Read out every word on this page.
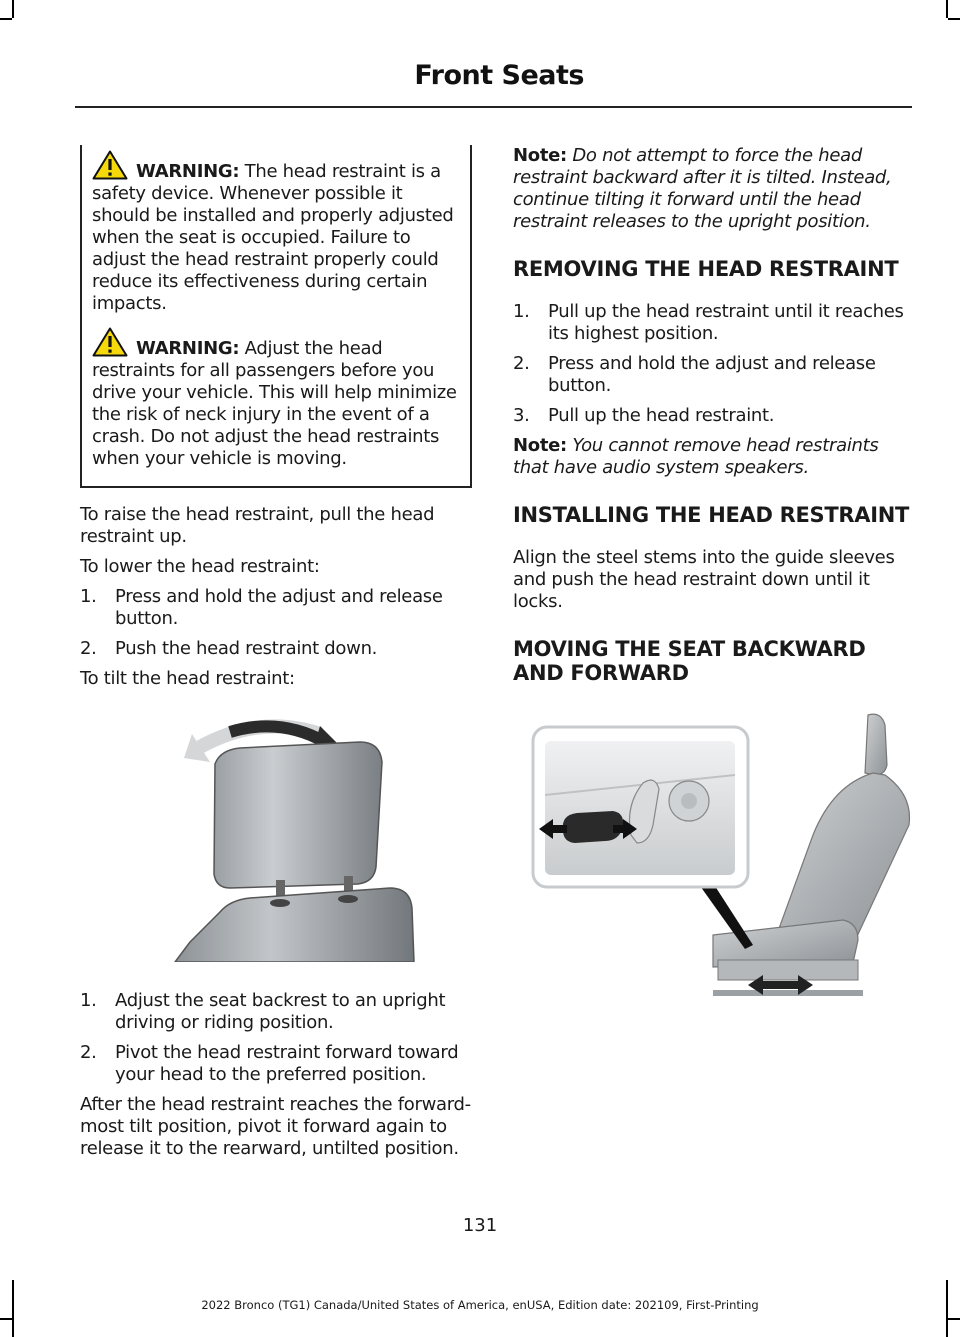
Front Seats
WARNING: The head restraint is a safety device. Whenever possible it should be installed and properly adjusted when the seat is occupied. Failure to adjust the head restraint properly could reduce its effectiveness during certain impacts.
WARNING: Adjust the head restraints for all passengers before you drive your vehicle. This will help minimize the risk of neck injury in the event of a crash. Do not adjust the head restraints when your vehicle is moving.

To raise the head restraint, pull the head restraint up.

To lower the head restraint:

1. Press and hold the adjust and release button.
2. Push the head restraint down.

To tilt the head restraint:

1. Adjust the seat backrest to an upright driving or riding position.
2. Pivot the head restraint forward toward your head to the preferred position.

After the head restraint reaches the forward-most tilt position, pivot it forward again to release it to the rearward, untilted position.

Note: Do not attempt to force the head restraint backward after it is tilted. Instead, continue tilting it forward until the head restraint releases to the upright position.

REMOVING THE HEAD RESTRAINT
1. Pull up the head restraint until it reaches its highest position.
2. Press and hold the adjust and release button.
3. Pull up the head restraint.

Note: You cannot remove head restraints that have audio system speakers.

INSTALLING THE HEAD RESTRAINT

Align the steel stems into the guide sleeves and push the head restraint down until it locks.

MOVING THE SEAT BACKWARD AND FORWARD
131
2022 Bronco (TG1) Canada/United States of America, enUSA, Edition date: 202109, First-Printing
